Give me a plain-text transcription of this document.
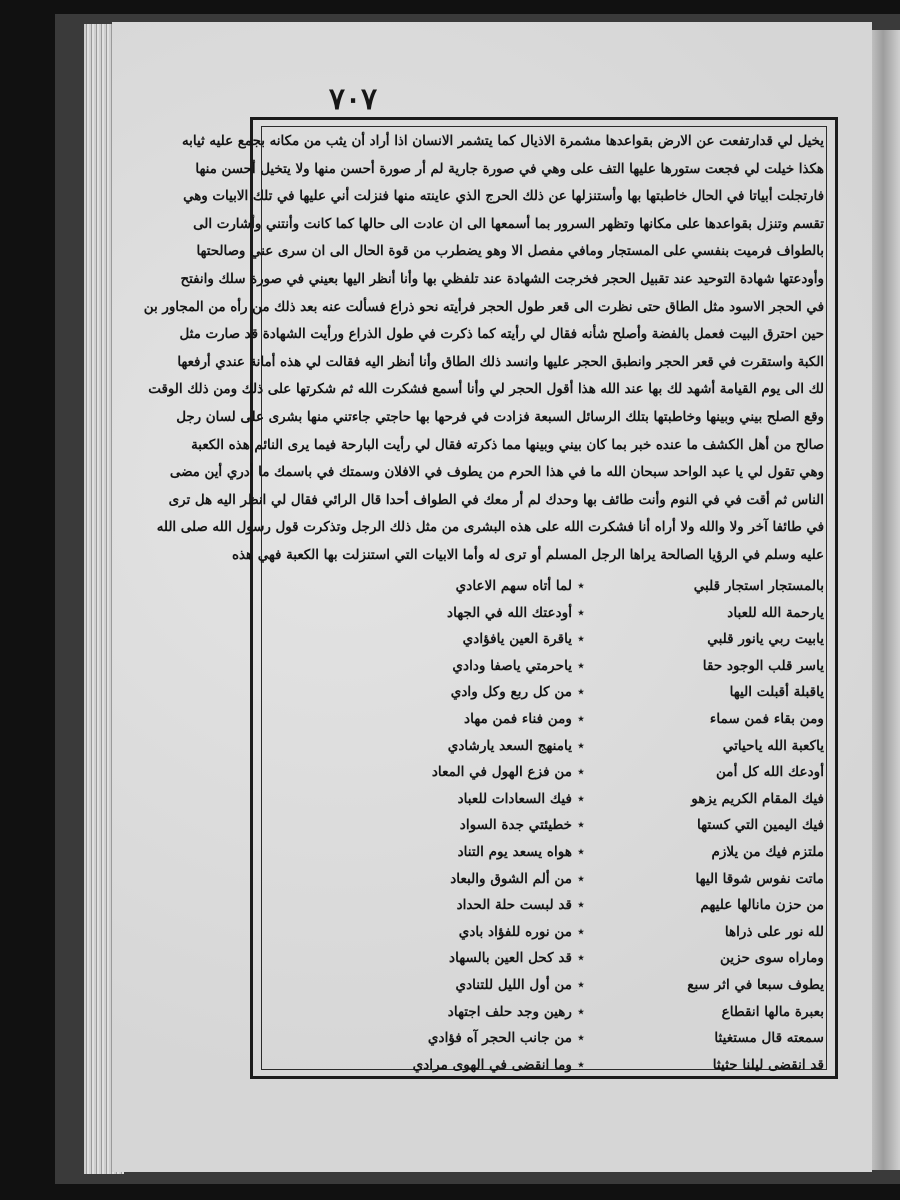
٧٠٧
يخيل لي قدارتفعت عن الارض بقواعدها مشمرة الاذيال كما يتشمر الانسان اذا أراد أن يثب من مكانه بجمع عليه ثيابه
هكذا خيلت لي فجعت ستورها عليها التف على وهي في صورة جارية لم أر صورة أحسن منها ولا يتخيل أحسن منها
فارتجلت أبياتا في الحال خاطبتها بها وأستنزلها عن ذلك الحرج الذي عاينته منها فنزلت أني عليها في تلك الابيات وهي
تقسم وتنزل بقواعدها على مكانها وتظهر السرور بما أسمعها الى ان عادت الى حالها كما كانت وأنتني وأشارت الى
بالطواف فرميت بنفسي على المستجار ومافي مفصل الا وهو يضطرب من قوة الحال الى ان سرى عني وصالحتها
وأودعتها شهادة التوحيد عند تقبيل الحجر فخرجت الشهادة عند تلفظي بها وأنا أنظر اليها بعيني في صورة سلك وانفتح
في الحجر الاسود مثل الطاق حتى نظرت الى قعر طول الحجر فرأيته نحو ذراع فسألت عنه بعد ذلك من رأه من المجاور بن
حين احترق البيت فعمل بالفضة وأصلح شأنه فقال لي رأيته كما ذكرت في طول الذراع ورأيت الشهادة قد صارت مثل
الكبة واستقرت في قعر الحجر وانطبق الحجر عليها وانسد ذلك الطاق وأنا أنظر اليه فقالت لي هذه أمانة عندي أرفعها
لك الى يوم القيامة أشهد لك بها عند الله هذا أقول الحجر لي وأنا أسمع فشكرت الله ثم شكرتها على ذلك ومن ذلك الوقت
وقع الصلح بيني وبينها وخاطبتها بتلك الرسائل السبعة فزادت في فرحها بها حاجتي جاءتني منها بشرى على لسان رجل
صالح من أهل الكشف ما عنده خبر بما كان بيني وبينها مما ذكرته فقال لي رأيت البارحة فيما يرى النائم هذه الكعبة
وهي تقول لي يا عبد الواحد سبحان الله ما في هذا الحرم من يطوف في الافلان وسمتك في باسمك ما أدري أين مضى
الناس ثم أقت في في النوم وأنت طائف بها وحدك لم أر معك في الطواف أحدا قال الرائي فقال لي انظر اليه هل ترى
في طائفا آخر ولا والله ولا أراه أنا فشكرت الله على هذه البشرى من مثل ذلك الرجل وتذكرت قول رسول الله صلى الله
عليه وسلم في الرؤيا الصالحة يراها الرجل المسلم أو ترى له وأما الابيات التي استنزلت بها الكعبة فهي هذه
بالمستجار استجار قلبي
٭
لما أتاه سهم الاعادي
يارحمة الله للعباد
٭
أودعتك الله في الجهاد
يابيت ربي يانور قلبي
٭
ياقرة العين يافؤادي
ياسر قلب الوجود حقا
٭
ياحرمتي ياصفا ودادي
ياقبلة أقبلت اليها
٭
من كل ربع وكل وادي
ومن بقاء فمن سماء
٭
ومن فناء فمن مهاد
ياكعبة الله ياحياتي
٭
يامنهج السعد يارشادي
أودعك الله كل أمن
٭
من فزع الهول في المعاد
فيك المقام الكريم يزهو
٭
فيك السعادات للعباد
فيك اليمين التي كستها
٭
خطيئتي جدة السواد
ملتزم فيك من يلازم
٭
هواه يسعد يوم التناد
ماتت نفوس شوقا اليها
٭
من ألم الشوق والبعاد
من حزن مانالها عليهم
٭
قد لبست حلة الحداد
لله نور على ذراها
٭
من نوره للفؤاد بادي
وماراه سوى حزين
٭
قد كحل العين بالسهاد
يطوف سبعا في اثر سبع
٭
من أول الليل للتنادي
بعبرة مالها انقطاع
٭
رهين وجد حلف اجتهاد
سمعته قال مستغيثا
٭
من جانب الحجر آه فؤادي
قد انقضى ليلنا حثيثا
٭
وما انقضى في الهوى مرادي
